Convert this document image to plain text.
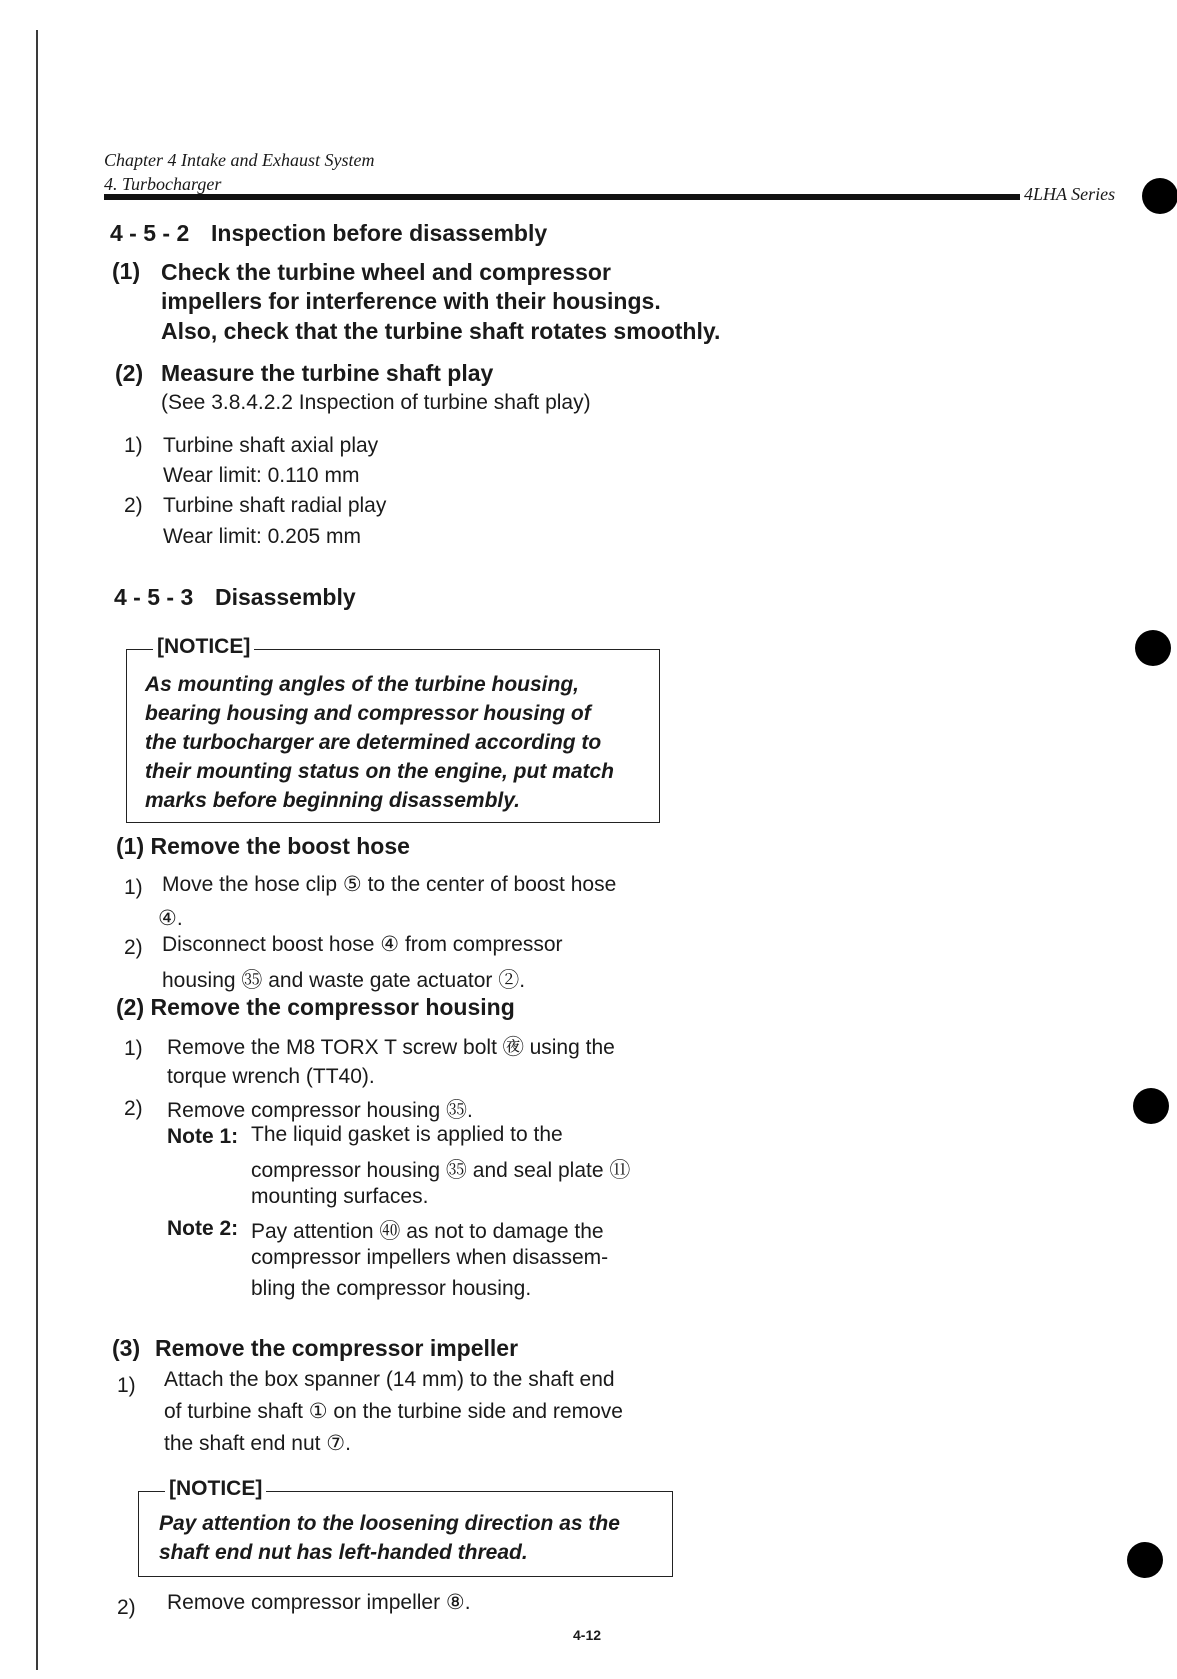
Chapter 4 Intake and Exhaust System
4. Turbocharger	4LHA Series
4 - 5 - 2 Inspection before disassembly
(1) Check the turbine wheel and compressor
impellers for interference with their housings.
Also, check that the turbine shaft rotates smoothly.
(2) Measure the turbine shaft play
(See 3.8.4.2.2 Inspection of turbine shaft play)
1) Turbine shaft axial play
Wear limit: 0.110 mm
2) Turbine shaft radial play
Wear limit: 0.205 mm
4 - 5 - 3 Disassembly
[NOTICE]
As mounting angles of the turbine housing,
bearing housing and compressor housing of
the turbocharger are determined according to
their mounting status on the engine, put match
marks before beginning disassembly.
(1) Remove the boost hose
1) Move the hose clip ⑤ to the center of boost hose
④.
2) Disconnect boost hose ④ from compressor
housing ㉟ and waste gate actuator ②.
(2) Remove the compressor housing
1) Remove the M8 TORX T screw bolt ㊰ using the
torque wrench (TT40).
2) Remove compressor housing ㉟.
Note 1: The liquid gasket is applied to the
compressor housing ㉟ and seal plate ⑪
mounting surfaces.
Note 2: Pay attention ㊵ as not to damage the
compressor impellers when disassem-
bling the compressor housing.
(3) Remove the compressor impeller
1) Attach the box spanner (14 mm) to the shaft end
of turbine shaft ① on the turbine side and remove
the shaft end nut ⑦.
[NOTICE]
Pay attention to the loosening direction as the
shaft end nut has left-handed thread.
2) Remove compressor impeller ⑧.
4-12
